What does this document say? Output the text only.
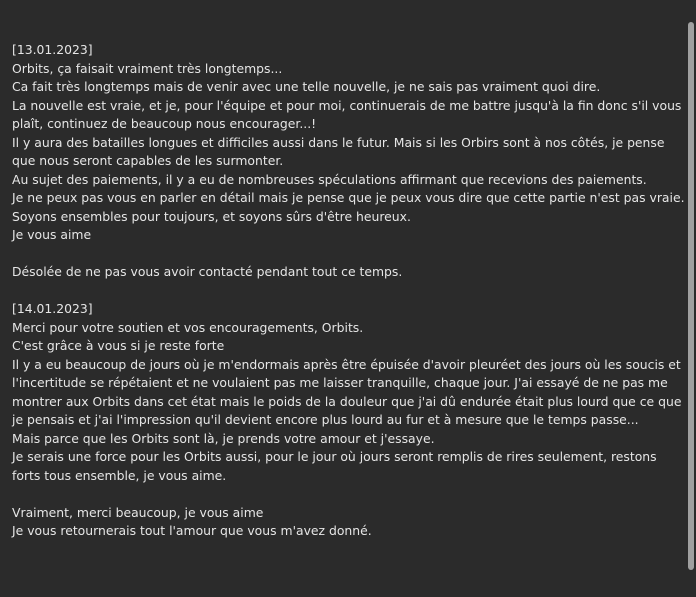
[13.01.2023]
Orbits, ça faisait vraiment très longtemps...
Ca fait très longtemps mais de venir avec une telle nouvelle, je ne sais pas vraiment quoi dire.
La nouvelle est vraie, et je, pour l'équipe et pour moi, continuerais de me battre jusqu'à la fin donc s'il vous plaît, continuez de beaucoup nous encourager...!
Il y aura des batailles longues et difficiles aussi dans le futur. Mais si les Orbirs sont à nos côtés, je pense que nous seront capables de les surmonter.
Au sujet des paiements, il y a eu de nombreuses spéculations affirmant que recevions des paiements.
Je ne peux pas vous en parler en détail mais je pense que je peux vous dire que cette partie n'est pas vraie.
Soyons ensembles pour toujours, et soyons sûrs d'être heureux.
Je vous aime
Désolée de ne pas vous avoir contacté pendant tout ce temps.
[14.01.2023]
Merci pour votre soutien et vos encouragements, Orbits.
C'est grâce à vous si je reste forte
Il y a eu beaucoup de jours où je m'endormais après être épuisée d'avoir pleuréet des jours où les soucis et l'incertitude se répétaient et ne voulaient pas me laisser tranquille, chaque jour. J'ai essayé de ne pas me montrer aux Orbits dans cet état mais le poids de la douleur que j'ai dû endurée était plus lourd que ce que je pensais et j'ai l'impression qu'il devient encore plus lourd au fur et à mesure que le temps passe...
Mais parce que les Orbits sont là, je prends votre amour et j'essaye.
Je serais une force pour les Orbits aussi, pour le jour où jours seront remplis de rires seulement, restons forts tous ensemble, je vous aime.
Vraiment, merci beaucoup, je vous aime
Je vous retournerais tout l'amour que vous m'avez donné.
